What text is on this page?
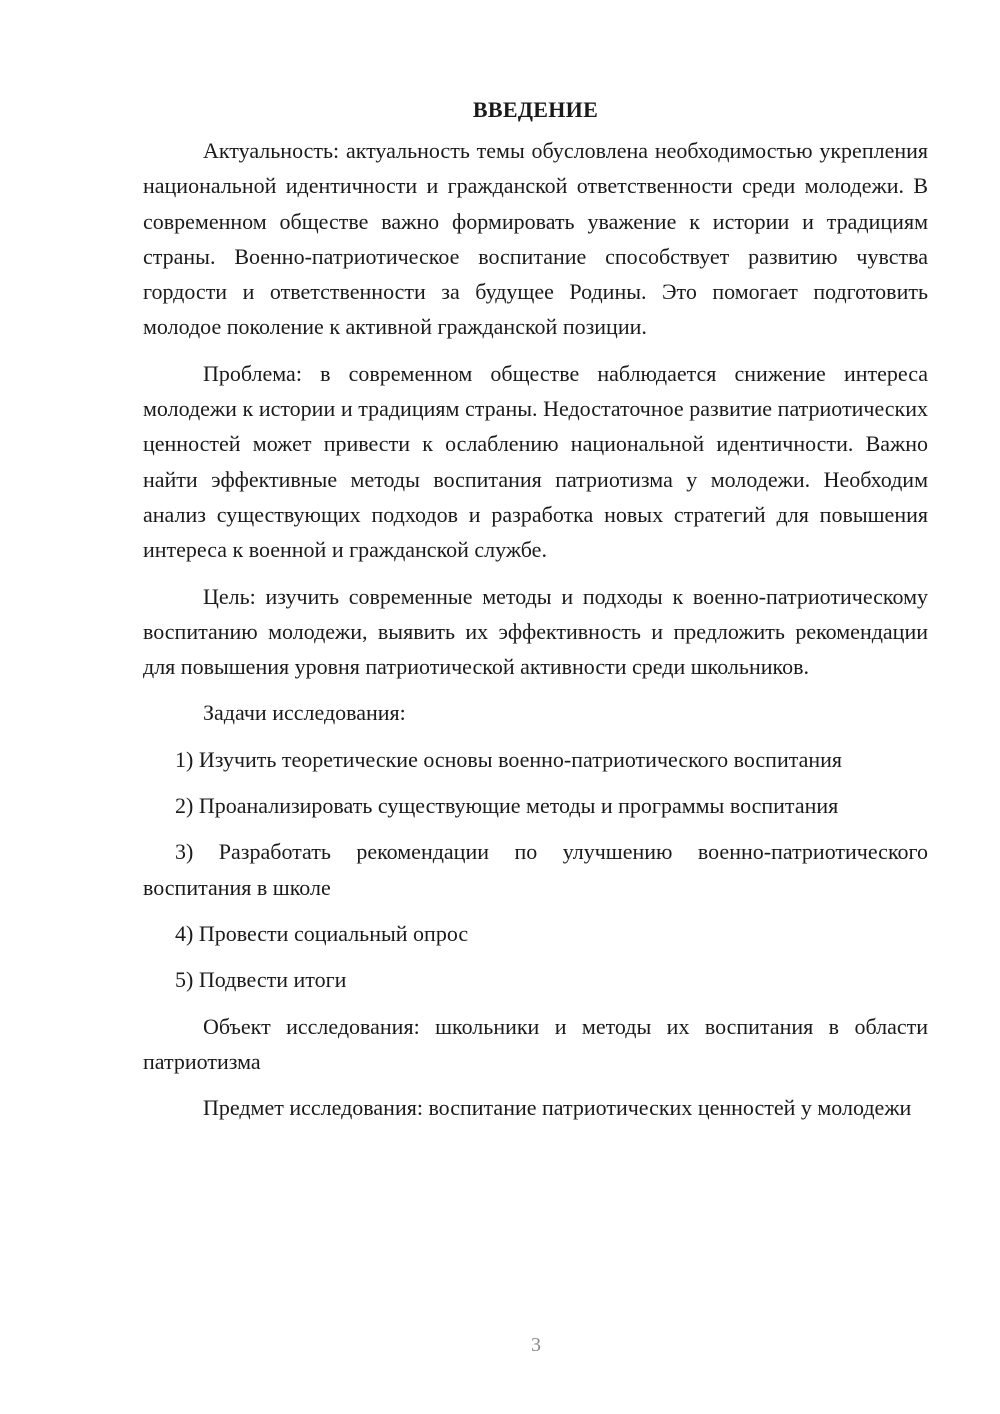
ВВЕДЕНИЕ

Актуальность: актуальность темы обусловлена необходимостью укрепления национальной идентичности и гражданской ответственности среди молодежи. В современном обществе важно формировать уважение к истории и традициям страны. Военно-патриотическое воспитание способствует развитию чувства гордости и ответственности за будущее Родины. Это помогает подготовить молодое поколение к активной гражданской позиции.

Проблема: в современном обществе наблюдается снижение интереса молодежи к истории и традициям страны. Недостаточное развитие патриотических ценностей может привести к ослаблению национальной идентичности. Важно найти эффективные методы воспитания патриотизма у молодежи. Необходим анализ существующих подходов и разработка новых стратегий для повышения интереса к военной и гражданской службе.

Цель: изучить современные методы и подходы к военно-патриотическому воспитанию молодежи, выявить их эффективность и предложить рекомендации для повышения уровня патриотической активности среди школьников.

Задачи исследования:

1) Изучить теоретические основы военно-патриотического воспитания

2) Проанализировать существующие методы и программы воспитания

3) Разработать рекомендации по улучшению военно-патриотического воспитания в школе

4) Провести социальный опрос

5) Подвести итоги

Объект исследования: школьники и методы их воспитания в области патриотизма

Предмет исследования: воспитание патриотических ценностей у молодежи

3
